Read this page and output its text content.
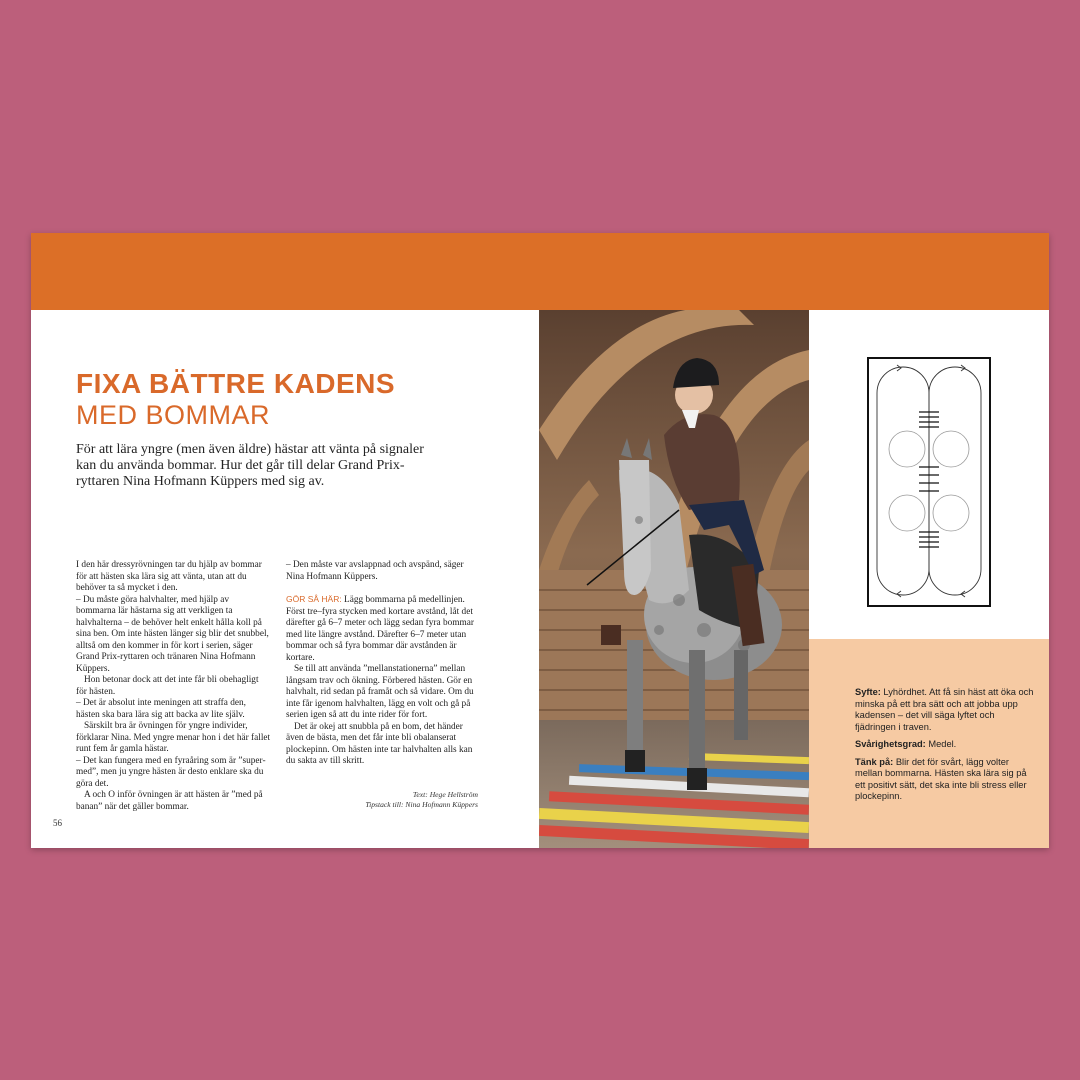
FIXA BÄTTRE KADENS
MED BOMMAR

För att lära yngre (men även äldre) hästar att vänta på signaler kan du använda bommar. Hur det går till delar Grand Prix-ryttaren Nina Hofmann Küppers med sig av.

I den här dressyrövningen tar du hjälp av bommar för att hästen ska lära sig att vänta, utan att du behöver ta så mycket i den.

– Du måste göra halvhalter, med hjälp av bommarna lär hästarna sig att verkligen ta halvhalterna – de behöver helt enkelt hålla koll på sina ben. Om inte hästen länger sig blir det snubbel, alltså om den kommer in för kort i serien, säger Grand Prix-ryttaren och tränaren Nina Hofmann Küppers.

Hon betonar dock att det inte får bli obehagligt för hästen.

– Det är absolut inte meningen att straffa den, hästen ska bara lära sig att backa av lite själv.

Särskilt bra är övningen för yngre individer, förklarar Nina. Med yngre menar hon i det här fallet runt fem år gamla hästar.

– Det kan fungera med en fyraåring som är ”super-med”, men ju yngre hästen är desto enklare ska du göra det.

A och O inför övningen är att hästen är ”med på banan” när det gäller bommar.

– Den måste var avslappnad och avspänd, säger Nina Hofmann Küppers.

GÖR SÅ HÄR: Lägg bommarna på medellinjen. Först tre–fyra stycken med kortare avstånd, låt det därefter gå 6–7 meter och lägg sedan fyra bommar med lite längre avstånd. Därefter 6–7 meter utan bommar och så fyra bommar där avstånden är kortare.

Se till att använda ”mellanstationerna” mellan långsam trav och ökning. Förbered hästen. Gör en halvhalt, rid sedan på framåt och så vidare. Om du inte får igenom halvhalten, lägg en volt och gå på serien igen så att du inte rider för fort.

Det är okej att snubbla på en bom, det händer även de bästa, men det får inte bli obalanserat plockepinn. Om hästen inte tar halvhalten alls kan du sakta av till skritt.

Text: Hege Hellström

Tipstack till: Nina Hofmann Küppers

56

Syfte: Lyhördhet. Att få sin häst att öka och minska på ett bra sätt och att jobba upp kadensen – det vill säga lyftet och fjädringen i traven.

Svårighetsgrad: Medel.

Tänk på: Blir det för svårt, lägg volter mellan bommarna. Hästen ska lära sig på ett positivt sätt, det ska inte bli stress eller plockepinn.
